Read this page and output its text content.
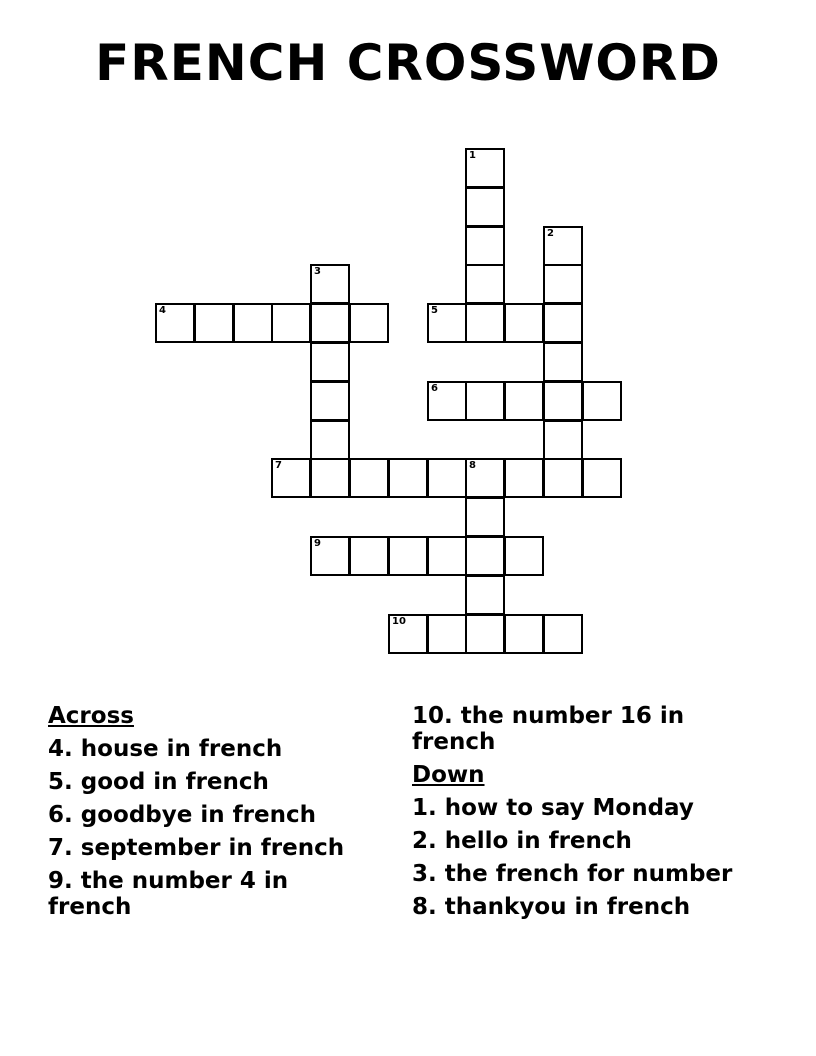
FRENCH CROSSWORD
1
2
3
4	5
6
7	8
9
10
Across
4. house in french
5. good in french
6. goodbye in french
7. september in french
9. the number 4 in french
10. the number 16 in french
Down
1. how to say Monday
2. hello in french
3. the french for number
8. thankyou in french
